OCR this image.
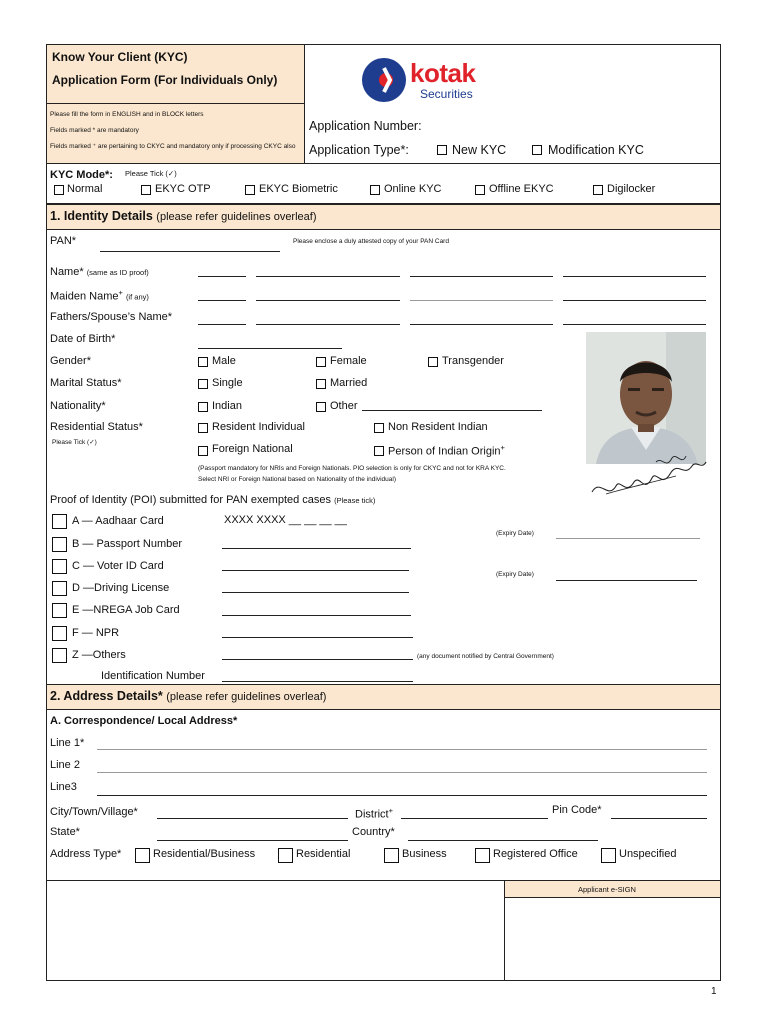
Know Your Client (KYC)
Application Form (For Individuals Only)
Please fill the form in ENGLISH and in BLOCK letters
Fields marked * are mandatory
Fields marked ⁺ are pertaining to CKYC and mandatory only if processing CKYC also
kotak
Securities
Application Number:
Application Type*:	New KYC	Modification KYC
KYC Mode*: Please Tick (✓)
Normal	EKYC OTP	EKYC Biometric	Online KYC	Offline EKYC	Digilocker
1. Identity Details (please refer guidelines overleaf)
PAN*	Please enclose a duly attested copy of your PAN Card
Name* (same as ID proof)
Maiden Name+ (if any)
Fathers/Spouse’s Name*
Date of Birth*
Gender*	Male	Female	Transgender
Marital Status*	Single	Married
Nationality*	Indian	Other
Residential Status*
Please Tick (✓)
Resident Individual	Non Resident Indian
Foreign National	Person of Indian Origin+
(Passport mandatory for NRIs and Foreign Nationals. PIO selection is only for CKYC and not for KRA KYC.
Select NRI or Foreign National based on Nationality of the individual)
Proof of Identity (POI) submitted for PAN exempted cases (Please tick)
A — Aadhaar Card	XXXX XXXX __ __ __ __
B — Passport Number
(Expiry Date)
C — Voter ID Card
(Expiry Date)
D —Driving License
E —NREGA Job Card
F — NPR
Z —Others	(any document notified by Central Government)
Identification Number
2. Address Details* (please refer guidelines overleaf)
A. Correspondence/ Local Address*
Line 1*
Line 2
Line3
City/Town/Village*	District+	Pin Code*
State*	Country*
Address Type*	Residential/Business	Residential	Business	Registered Office	Unspecified
Applicant e-SIGN
1
